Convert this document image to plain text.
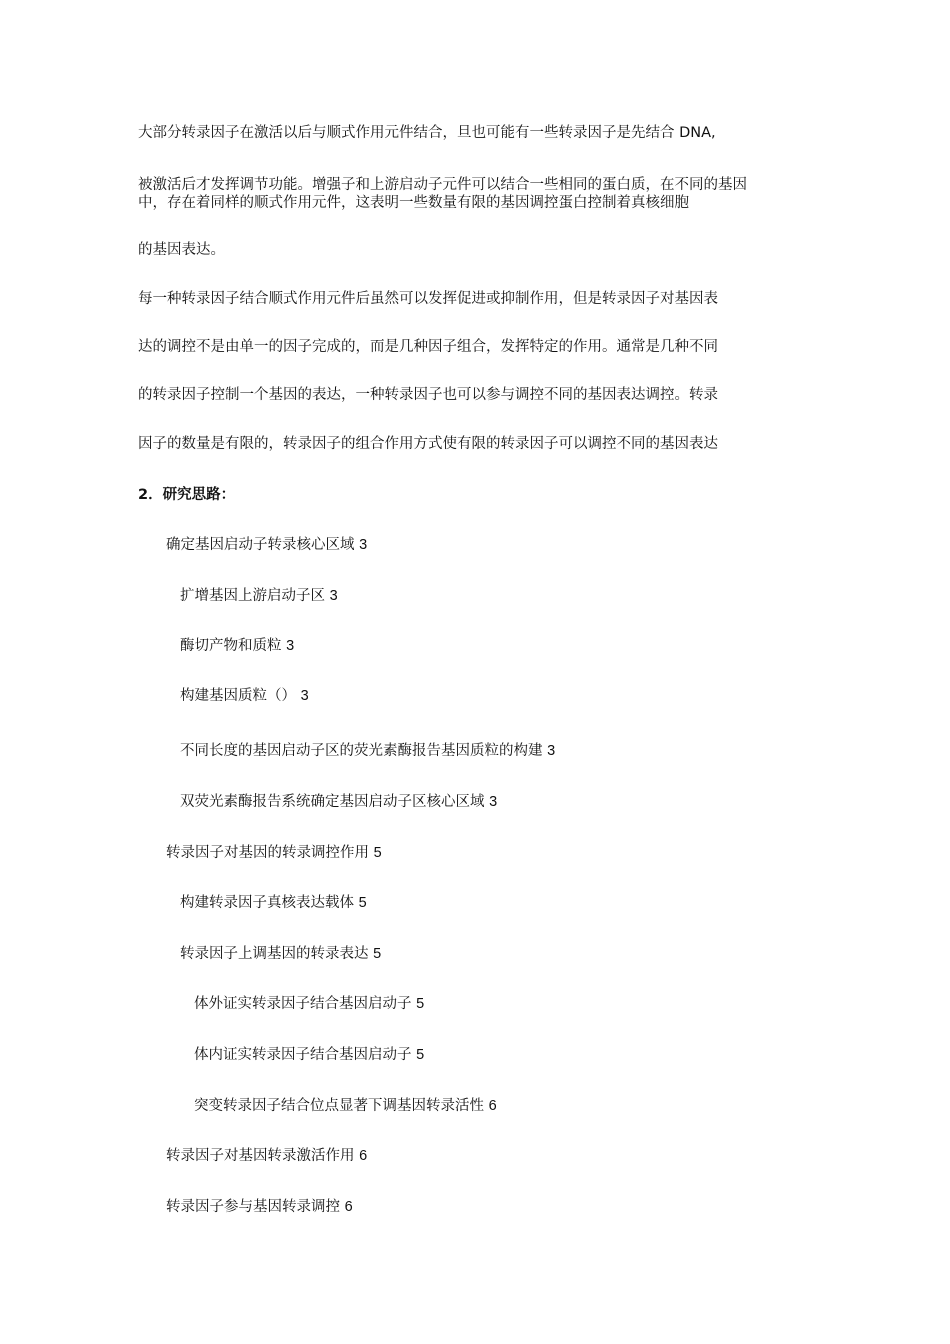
大部分转录因子在激活以后与顺式作用元件结合，旦也可能有一些转录因子是先结合 DNA,
被激活后才发挥调节功能。增强子和上游启动子元件可以结合一些相同的蛋白质，在不同的基因
中，存在着同样的顺式作用元件，这表明一些数量有限的基因调控蛋白控制着真核细胞
的基因表达。
每一种转录因子结合顺式作用元件后虽然可以发挥促进或抑制作用，但是转录因子对基因表
达的调控不是由单一的因子完成的，而是几种因子组合，发挥特定的作用。通常是几种不同
的转录因子控制一个基因的表达，一种转录因子也可以参与调控不同的基因表达调控。转录
因子的数量是有限的，转录因子的组合作用方式使有限的转录因子可以调控不同的基因表达
2．研究思路：
确定基因启动子转录核心区域 3
扩增基因上游启动子区 3
酶切产物和质粒 3
构建基因质粒（） 3
不同长度的基因启动子区的荧光素酶报告基因质粒的构建 3
双荧光素酶报告系统确定基因启动子区核心区域 3
转录因子对基因的转录调控作用 5
构建转录因子真核表达载体 5
转录因子上调基因的转录表达 5
体外证实转录因子结合基因启动子 5
体内证实转录因子结合基因启动子 5
突变转录因子结合位点显著下调基因转录活性 6
转录因子对基因转录激活作用 6
转录因子参与基因转录调控 6
